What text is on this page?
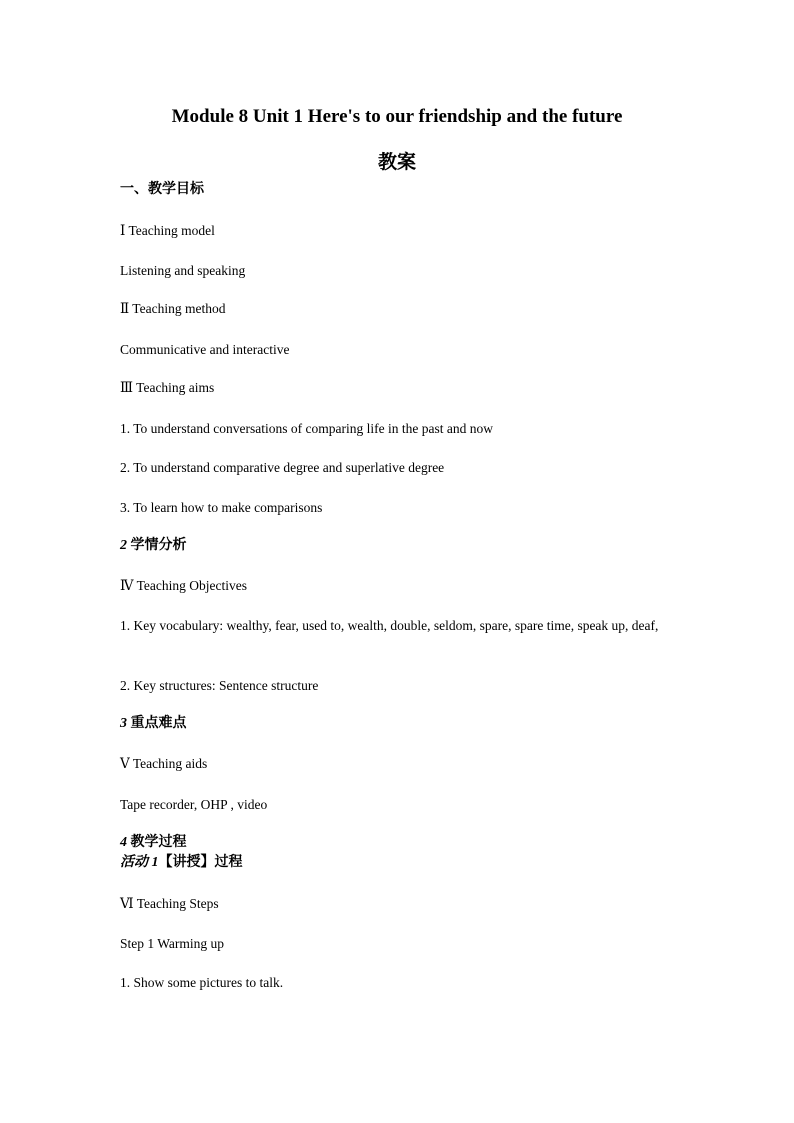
Module 8 Unit 1 Here's to our friendship and the future
教案
一、教学目标
Ⅰ Teaching model
Listening and speaking
Ⅱ Teaching method
Communicative and interactive
Ⅲ Teaching aims
1. To understand conversations of comparing life in the past and now
2. To understand comparative degree and superlative degree
3. To learn how to make comparisons
2 学情分析
Ⅳ Teaching Objectives
1. Key vocabulary: wealthy, fear, used to, wealth, double, seldom, spare, spare time, speak up, deaf,
2. Key structures: Sentence structure
3 重点难点
Ⅴ Teaching aids
Tape recorder, OHP , video
4 教学过程
活动 1【讲授】过程
Ⅵ Teaching Steps
Step 1 Warming up
1. Show some pictures to talk.
